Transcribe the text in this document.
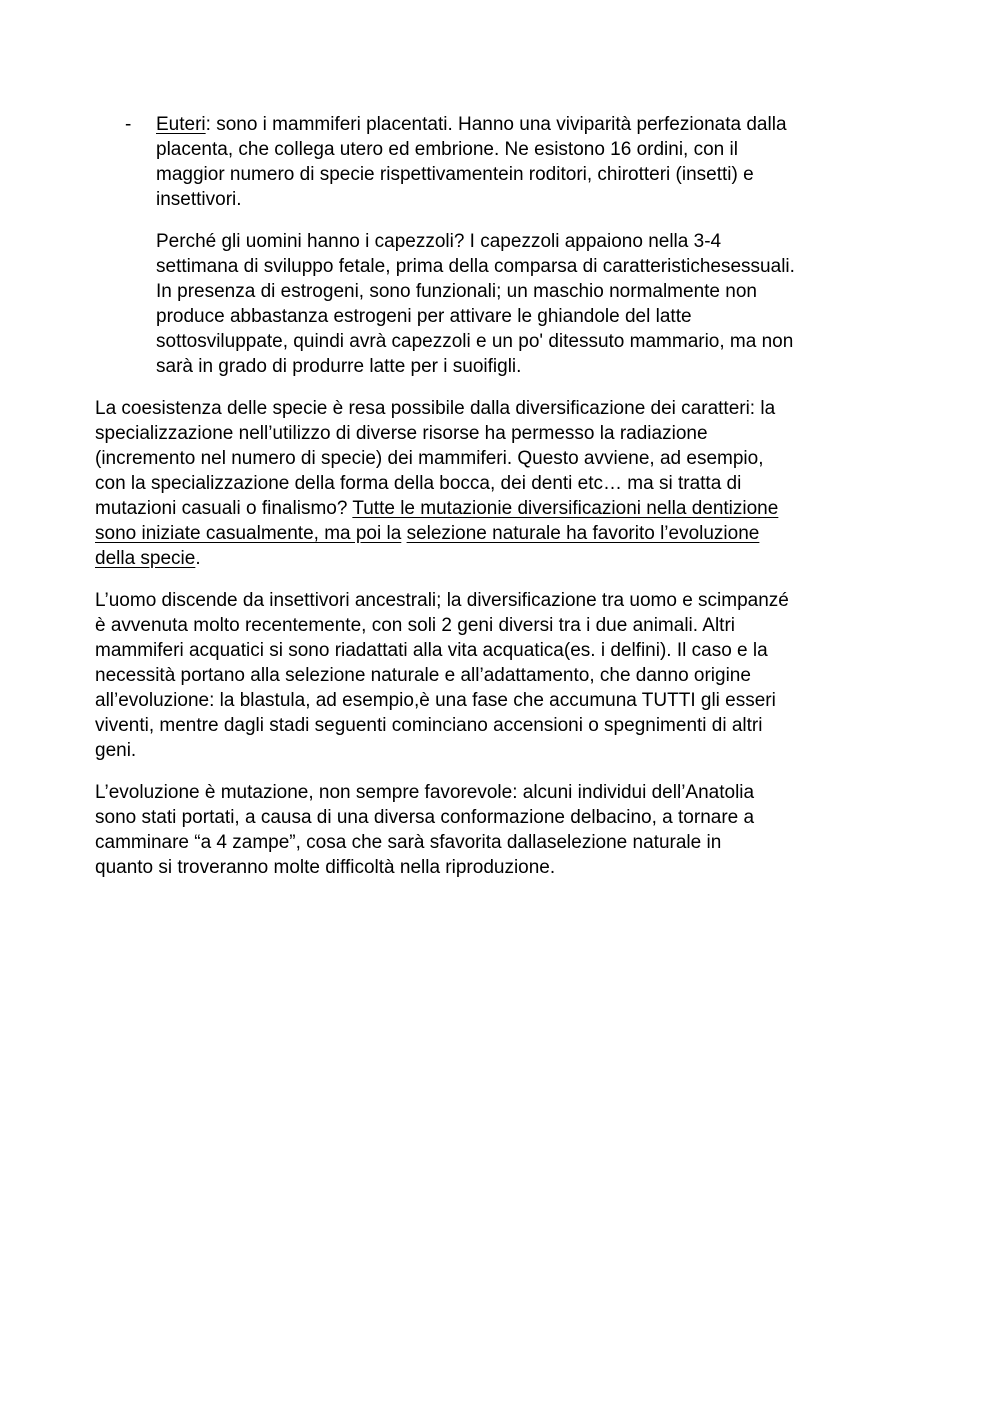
- Euteri: sono i mammiferi placentati. Hanno una viviparità perfezionata dalla
placenta, che collega utero ed embrione. Ne esistono 16 ordini, con il
maggior numero di specie rispettivamentein roditori, chirotteri (insetti) e
insettivori.
Perché gli uomini hanno i capezzoli? I capezzoli appaiono nella 3-4
settimana di sviluppo fetale, prima della comparsa di caratteristichesessuali.
In presenza di estrogeni, sono funzionali; un maschio normalmente non
produce abbastanza estrogeni per attivare le ghiandole del latte
sottosviluppate, quindi avrà capezzoli e un po' ditessuto mammario, ma non
sarà in grado di produrre latte per i suoifigli.
La coesistenza delle specie è resa possibile dalla diversificazione dei caratteri: la
specializzazione nell’utilizzo di diverse risorse ha permesso la radiazione
(incremento nel numero di specie) dei mammiferi. Questo avviene, ad esempio,
con la specializzazione della forma della bocca, dei denti etc… ma si tratta di
mutazioni casuali o finalismo? Tutte le mutazionie diversificazioni nella dentizione
sono iniziate casualmente, ma poi la selezione naturale ha favorito l’evoluzione
della specie.
L’uomo discende da insettivori ancestrali; la diversificazione tra uomo e scimpanzé
è avvenuta molto recentemente, con soli 2 geni diversi tra i due animali. Altri
mammiferi acquatici si sono riadattati alla vita acquatica(es. i delfini). Il caso e la
necessità portano alla selezione naturale e all’adattamento, che danno origine
all’evoluzione: la blastula, ad esempio,è una fase che accumuna TUTTI gli esseri
viventi, mentre dagli stadi seguenti cominciano accensioni o spegnimenti di altri
geni.
L’evoluzione è mutazione, non sempre favorevole: alcuni individui dell’Anatolia
sono stati portati, a causa di una diversa conformazione delbacino, a tornare a
camminare “a 4 zampe”, cosa che sarà sfavorita dallaselezione naturale in
quanto si troveranno molte difficoltà nella riproduzione.
